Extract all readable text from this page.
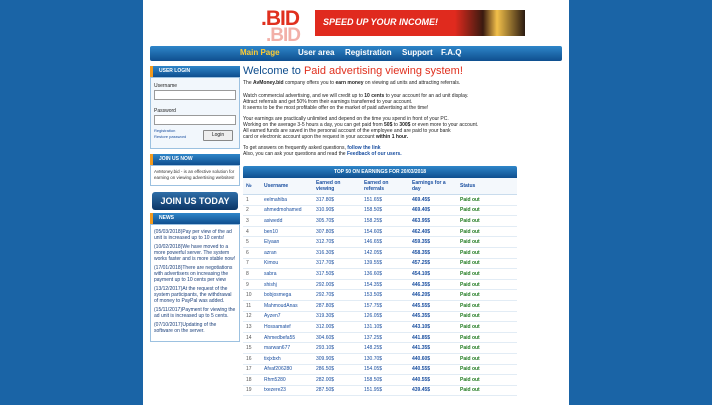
.BID
.BID
SPEED UP YOUR INCOME!
Main Page User area Registration Support F.A.Q
USER LOGIN
Username
Password
Registration
Restore password	Login
JOIN US NOW
AvMoney.bid - is an effective solution for earning on viewing advertising websites!
JOIN US TODAY
NEWS
(05/03/2018)Pay per view of the ad unit is increased up to 10 cents!
(10/02/2018)We have moved to a more powerful server. The system works faster and is more stable now!
(17/01/2018)There are negotiations with advertisers on increasing the payment up to 10 cents per view
(13/12/2017)At the request of the system participants, the withdrawal of money to PayPal was added.
(15/11/2017)Payment for viewing the ad unit is increased up to 5 cents.
(07/10/2017)Updating of the software on the server.
Welcome to Paid advertising viewing system!
The AvMoney.bid company offers you to earn money on viewing ad units and attracting referrals.
Watch commercial advertising, and we will credit up to 10 cents to your account for an ad unit display.
Attract referrals and get 50% from their earnings transferred to your account.
It seems to be the most profitable offer on the market of paid advertising at the time!
Your earnings are practically unlimited and depend on the time you spend in front of your PC.
Working on the average 3-5 hours a day, you can get paid from 50$ to 300$ or even more to your account.
All earned funds are saved in the personal account of the employee and are paid to your bank
card or electronic account upon the request in your account within 1 hour.
To get answers on frequently asked questions, follow the link
Also, you can ask your questions and read the Feedback of our users.
TOP 50 ON EARNINGS FOR 20/03/2018
№	Username	Earned on viewing	Earned on referrals	Earnings for a day	Status
1	eelmahiba	317.80$	151.65$	469.45$	Paid out
2	ahmedmohamed	310.90$	158.50$	469.40$	Paid out
3	asiwedd	305.70$	158.25$	463.95$	Paid out
4	ben10	307.80$	154.60$	462.40$	Paid out
5	Elyaan	312.70$	146.65$	459.35$	Paid out
6	azran	316.30$	142.05$	458.35$	Paid out
7	Kimou	317.70$	139.55$	457.25$	Paid out
8	sabra	317.50$	136.60$	454.10$	Paid out
9	shishj	292.00$	154.35$	446.35$	Paid out
10	bobjosmega	292.70$	153.50$	446.20$	Paid out
11	MahmoudAnas	287.80$	157.75$	445.55$	Paid out
12	Ayzen7	319.30$	126.05$	445.35$	Paid out
13	Hossamatef	312.00$	131.10$	443.10$	Paid out
14	Ahmedbefa55	304.60$	137.25$	441.85$	Paid out
15	marwan677	293.10$	148.25$	441.35$	Paid out
16	tixjxbxh	309.90$	130.70$	440.60$	Paid out
17	Afvaf206280	286.50$	154.05$	440.55$	Paid out
18	Rhm5280	282.00$	158.50$	440.55$	Paid out
19	txezere23	287.50$	151.95$	439.45$	Paid out
